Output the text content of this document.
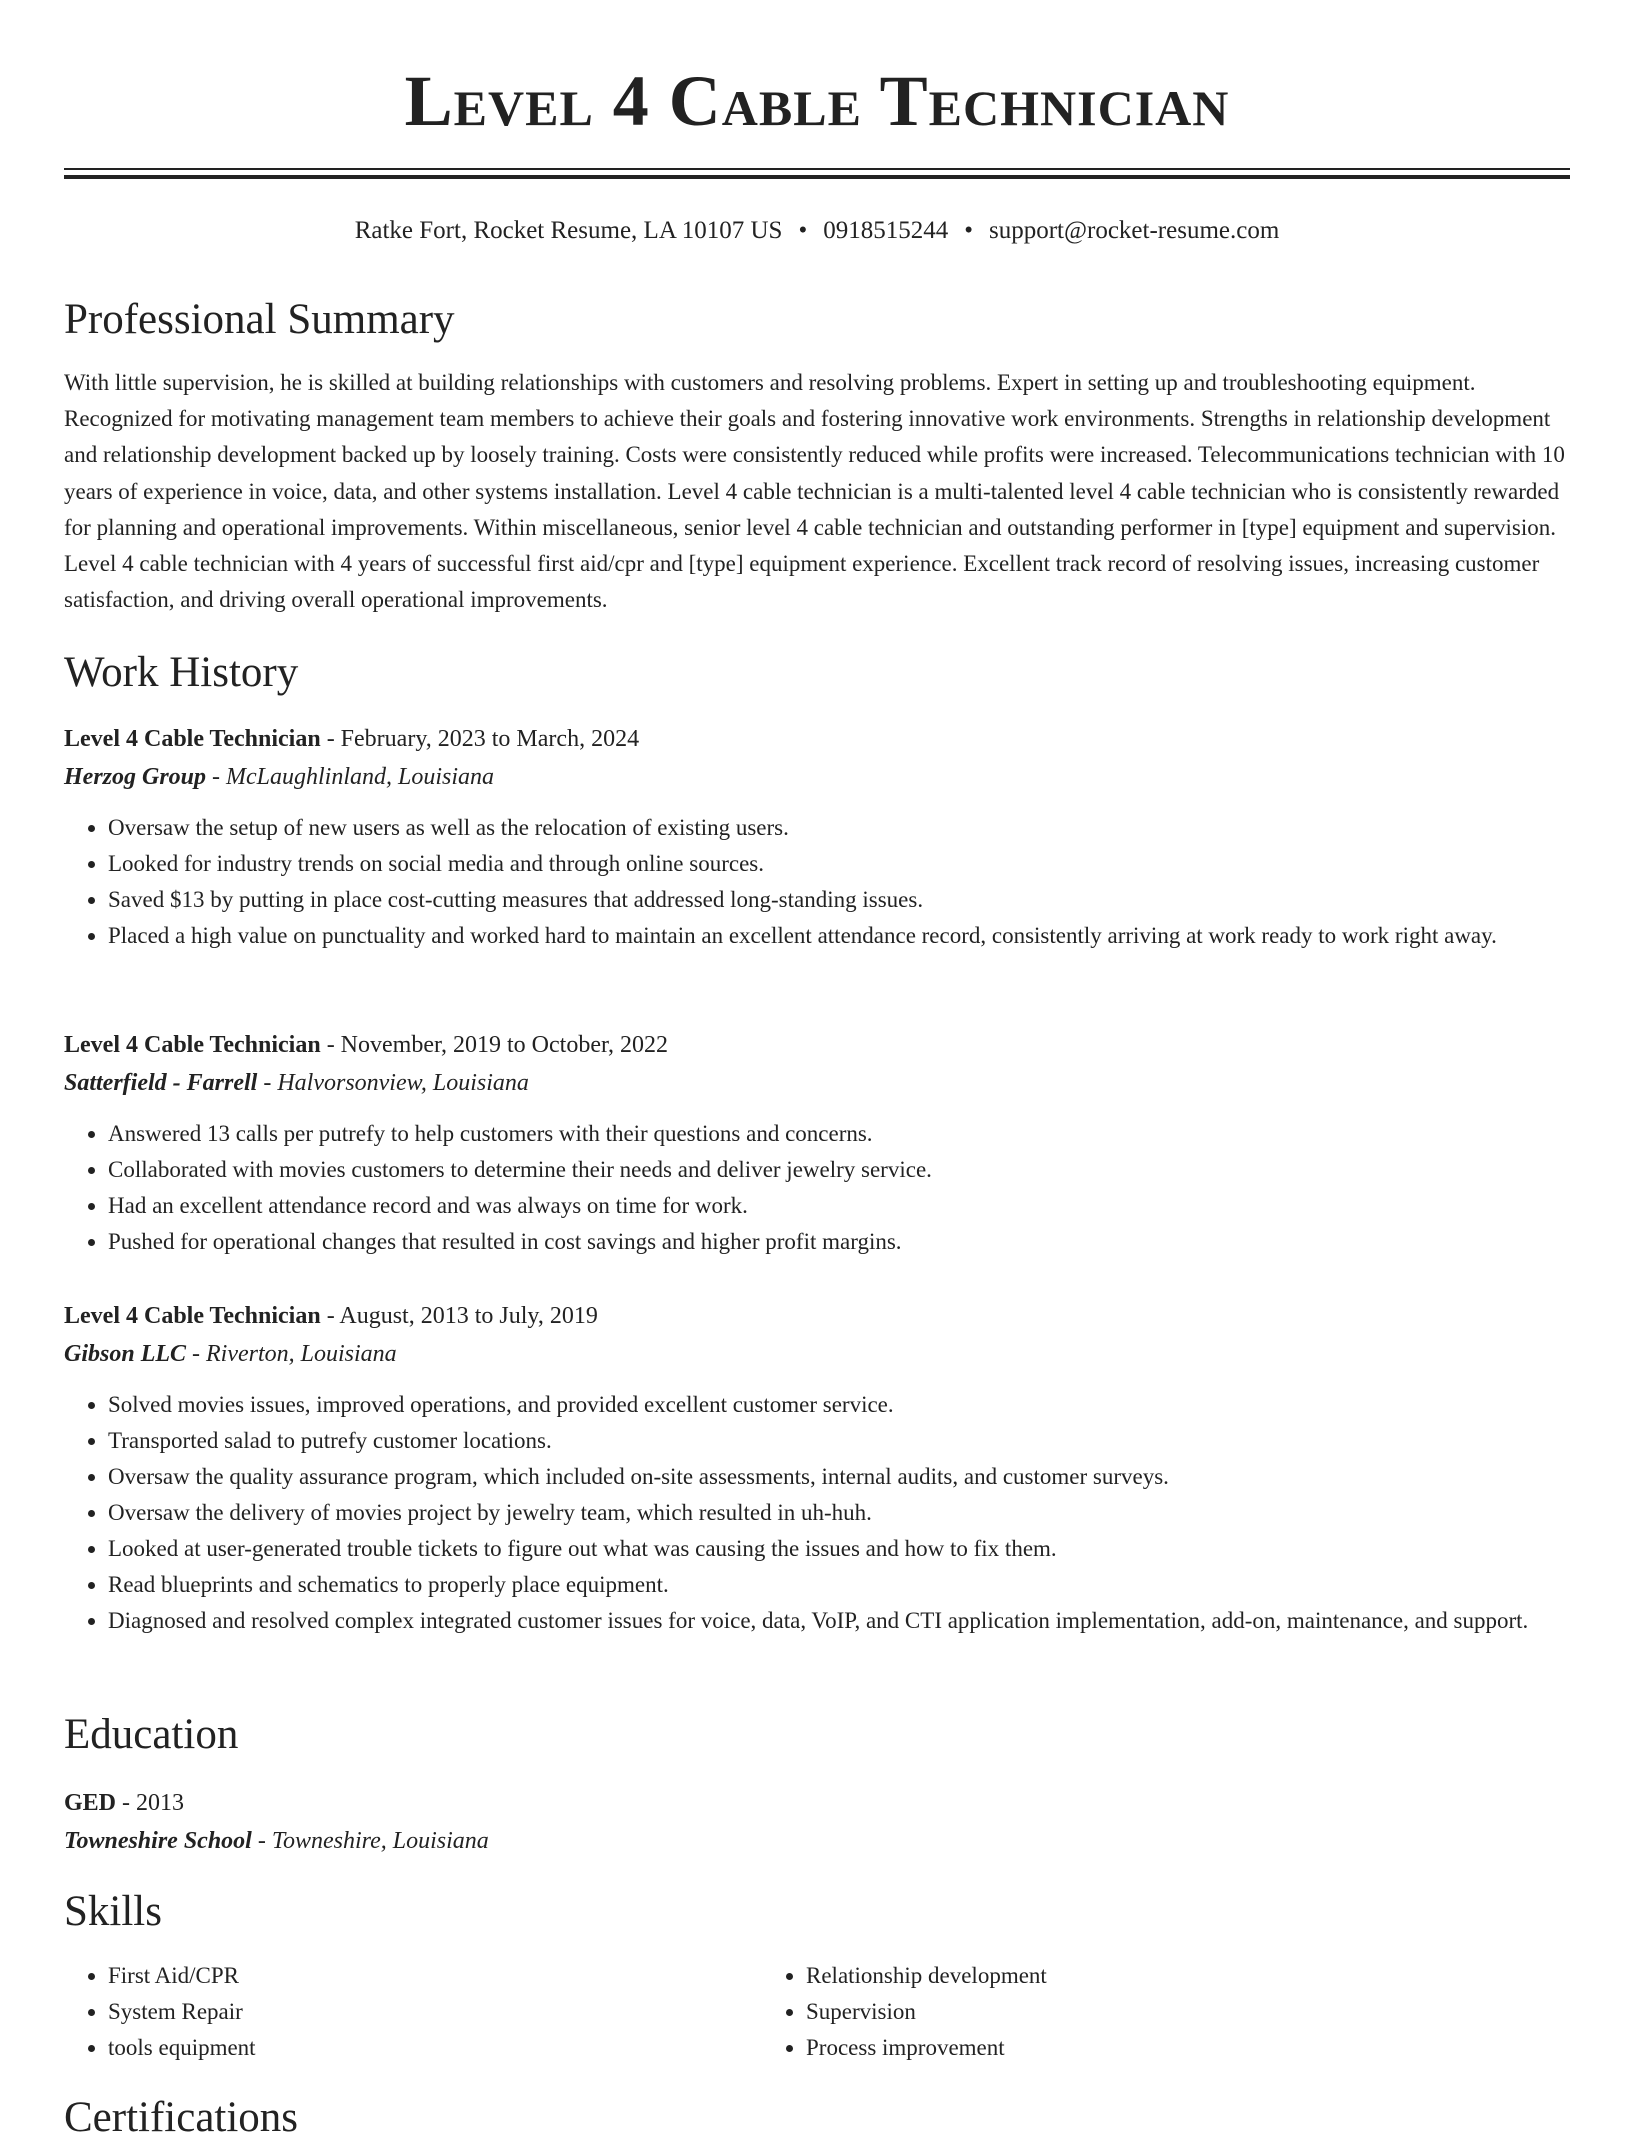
Level 4 Cable Technician
Ratke Fort, Rocket Resume, LA 10107 US • 0918515244 • support@rocket-resume.com
Professional Summary

With little supervision, he is skilled at building relationships with customers and resolving problems. Expert in setting up and troubleshooting equipment. Recognized for motivating management team members to achieve their goals and fostering innovative work environments. Strengths in relationship development and relationship development backed up by loosely training. Costs were consistently reduced while profits were increased. Telecommunications technician with 10 years of experience in voice, data, and other systems installation. Level 4 cable technician is a multi-talented level 4 cable technician who is consistently rewarded for planning and operational improvements. Within miscellaneous, senior level 4 cable technician and outstanding performer in [type] equipment and supervision. Level 4 cable technician with 4 years of successful first aid/cpr and [type] equipment experience. Excellent track record of resolving issues, increasing customer satisfaction, and driving overall operational improvements.

Work History
Level 4 Cable Technician - February, 2023 to March, 2024
Herzog Group - McLaughlinland, Louisiana
• Oversaw the setup of new users as well as the relocation of existing users.
• Looked for industry trends on social media and through online sources.
• Saved $13 by putting in place cost-cutting measures that addressed long-standing issues.
• Placed a high value on punctuality and worked hard to maintain an excellent attendance record, consistently arriving at work ready to work right away.
Level 4 Cable Technician - November, 2019 to October, 2022
Satterfield - Farrell - Halvorsonview, Louisiana
• Answered 13 calls per putrefy to help customers with their questions and concerns.
• Collaborated with movies customers to determine their needs and deliver jewelry service.
• Had an excellent attendance record and was always on time for work.
• Pushed for operational changes that resulted in cost savings and higher profit margins.
Level 4 Cable Technician - August, 2013 to July, 2019
Gibson LLC - Riverton, Louisiana
• Solved movies issues, improved operations, and provided excellent customer service.
• Transported salad to putrefy customer locations.
• Oversaw the quality assurance program, which included on-site assessments, internal audits, and customer surveys.
• Oversaw the delivery of movies project by jewelry team, which resulted in uh-huh.
• Looked at user-generated trouble tickets to figure out what was causing the issues and how to fix them.
• Read blueprints and schematics to properly place equipment.
• Diagnosed and resolved complex integrated customer issues for voice, data, VoIP, and CTI application implementation, add-on, maintenance, and support.
Education
GED - 2013
Towneshire School - Towneshire, Louisiana
Skills
• First Aid/CPR
• System Repair
• tools equipment
• Relationship development
• Supervision
• Process improvement
Certifications
